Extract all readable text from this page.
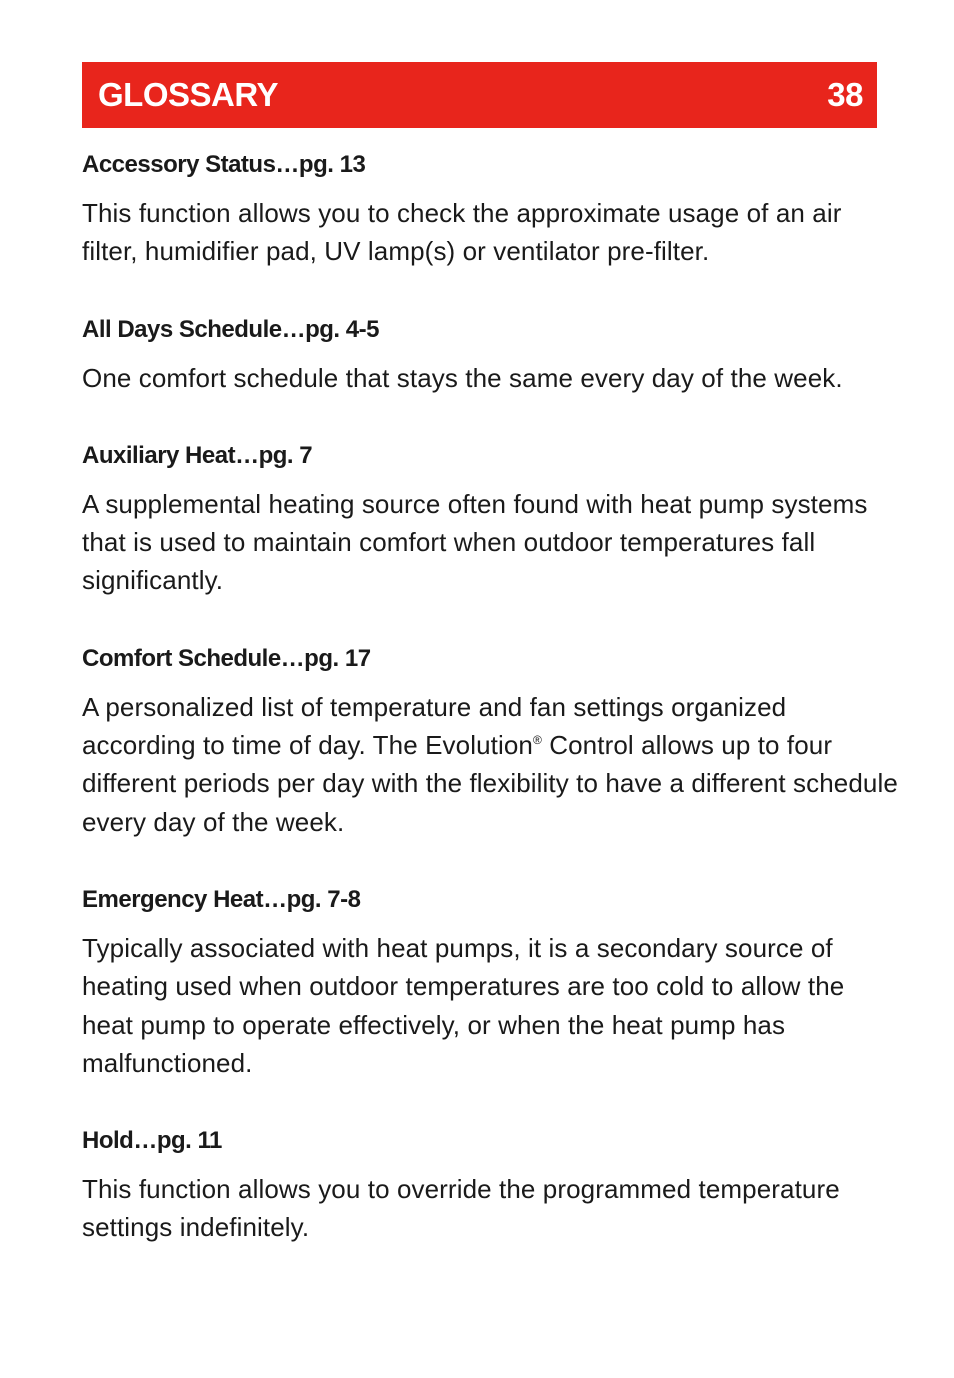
GLOSSARY	38
Accessory Status…pg. 13

This function allows you to check the approximate usage of an air filter, humidifier pad, UV lamp(s) or ventilator pre-filter.

All Days Schedule…pg. 4-5

One comfort schedule that stays the same every day of the week.

Auxiliary Heat…pg. 7

A supplemental heating source often found with heat pump systems that is used to maintain comfort when outdoor temperatures fall significantly.

Comfort Schedule…pg. 17

A personalized list of temperature and fan settings organized according to time of day. The Evolution® Control allows up to four different periods per day with the flexibility to have a different schedule every day of the week.

Emergency Heat…pg. 7-8

Typically associated with heat pumps, it is a secondary source of heating used when outdoor temperatures are too cold to allow the heat pump to operate effectively, or when the heat pump has malfunctioned.

Hold…pg. 11

This function allows you to override the programmed temperature settings indefinitely.
